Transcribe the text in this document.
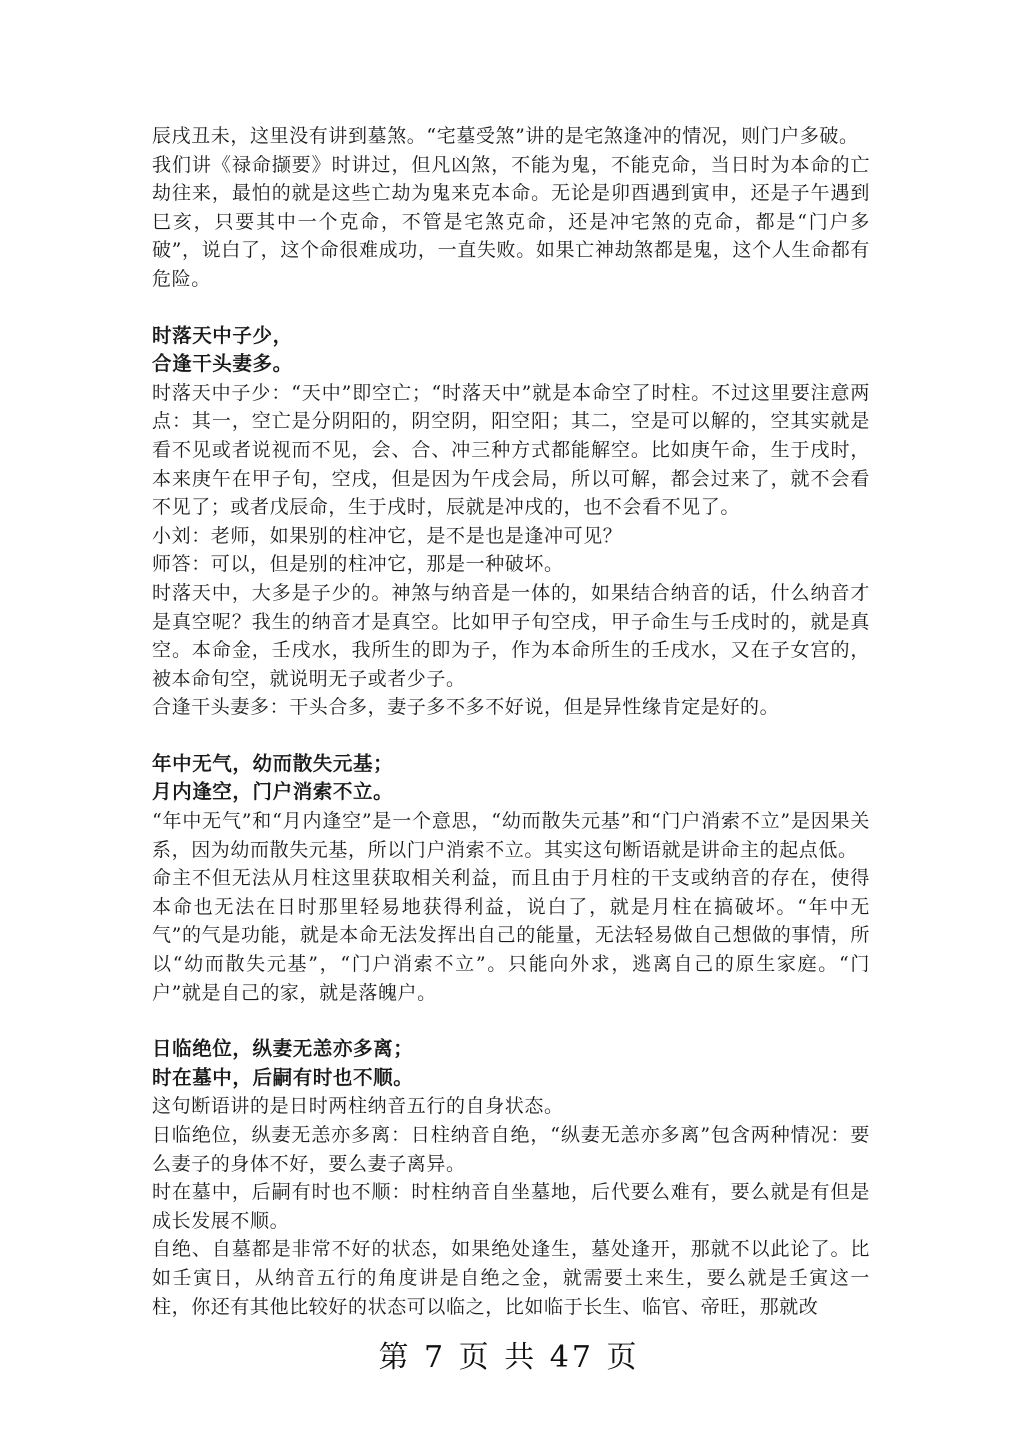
辰戌丑未，这里没有讲到墓煞。“宅墓受煞”讲的是宅煞逢冲的情况，则门户多破。

我们讲《禄命撷要》时讲过，但凡凶煞，不能为鬼，不能克命，当日时为本命的亡劫往来，最怕的就是这些亡劫为鬼来克本命。无论是卯酉遇到寅申，还是子午遇到巳亥，只要其中一个克命，不管是宅煞克命，还是冲宅煞的克命，都是“门户多破”，说白了，这个命很难成功，一直失败。如果亡神劫煞都是鬼，这个人生命都有危险。

时落天中子少，

合逢干头妻多。

时落天中子少：“天中”即空亡；“时落天中”就是本命空了时柱。不过这里要注意两点：其一，空亡是分阴阳的，阴空阴，阳空阳；其二，空是可以解的，空其实就是看不见或者说视而不见，会、合、冲三种方式都能解空。比如庚午命，生于戌时，本来庚午在甲子旬，空戌，但是因为午戌会局，所以可解，都会过来了，就不会看不见了；或者戊辰命，生于戌时，辰就是冲戌的，也不会看不见了。

小刘：老师，如果别的柱冲它，是不是也是逢冲可见？

师答：可以，但是别的柱冲它，那是一种破坏。

时落天中，大多是子少的。神煞与纳音是一体的，如果结合纳音的话，什么纳音才是真空呢？我生的纳音才是真空。比如甲子旬空戌，甲子命生与壬戌时的，就是真空。本命金，壬戌水，我所生的即为子，作为本命所生的壬戌水，又在子女宫的，被本命旬空，就说明无子或者少子。

合逢干头妻多：干头合多，妻子多不多不好说，但是异性缘肯定是好的。

年中无气，幼而散失元基；

月内逢空，门户消索不立。

“年中无气”和“月内逢空”是一个意思，“幼而散失元基”和“门户消索不立”是因果关系，因为幼而散失元基，所以门户消索不立。其实这句断语就是讲命主的起点低。

命主不但无法从月柱这里获取相关利益，而且由于月柱的干支或纳音的存在，使得本命也无法在日时那里轻易地获得利益，说白了，就是月柱在搞破坏。“年中无气”的气是功能，就是本命无法发挥出自己的能量，无法轻易做自己想做的事情，所以“幼而散失元基”，“门户消索不立”。只能向外求，逃离自己的原生家庭。“门户”就是自己的家，就是落魄户。

日临绝位，纵妻无恙亦多离；

时在墓中，后嗣有时也不顺。

这句断语讲的是日时两柱纳音五行的自身状态。

日临绝位，纵妻无恙亦多离：日柱纳音自绝，“纵妻无恙亦多离”包含两种情况：要么妻子的身体不好，要么妻子离异。

时在墓中，后嗣有时也不顺：时柱纳音自坐墓地，后代要么难有，要么就是有但是成长发展不顺。

自绝、自墓都是非常不好的状态，如果绝处逢生，墓处逢开，那就不以此论了。比如壬寅日，从纳音五行的角度讲是自绝之金，就需要土来生，要么就是壬寅这一柱，你还有其他比较好的状态可以临之，比如临于长生、临官、帝旺，那就改

第 7 页 共 47 页
